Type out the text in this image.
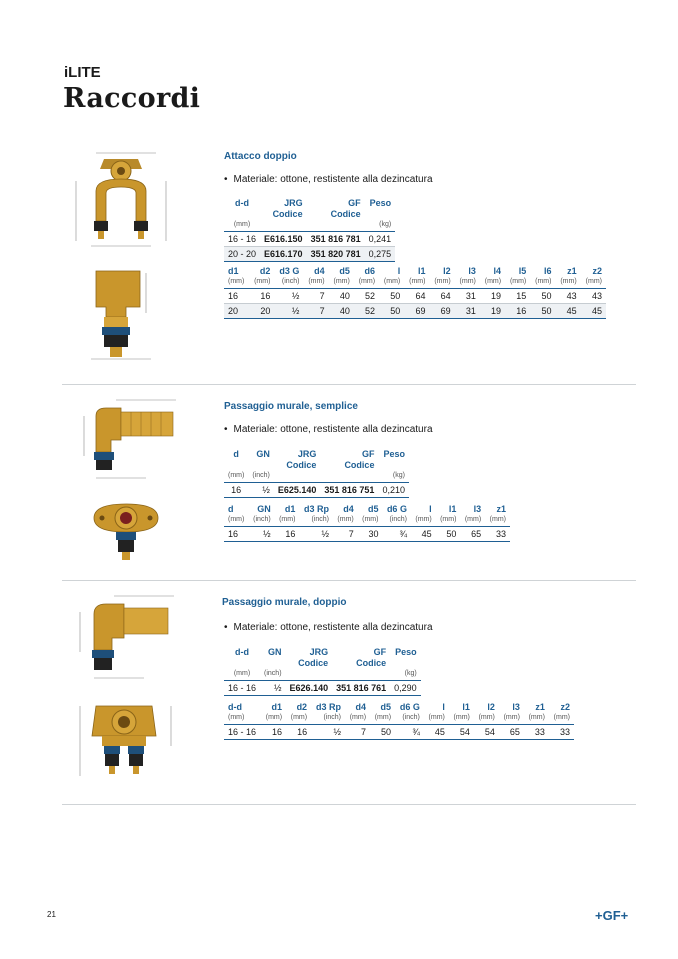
iLITE
Raccordi
Attacco doppio
• Materiale: ottone, restistente alla dezincatura
d-d	JRG	GF	Peso
	Codice	Codice	
(mm)			(kg)
16 - 16	E616.150	351 816 781	0,241
20 - 20	E616.170	351 820 781	0,275
d1	d2	d3 G	d4	d5	d6	l	l1	l2	l3	l4	l5	l6	z1	z2
(mm)	(mm)	(inch)	(mm)	(mm)	(mm)	(mm)	(mm)	(mm)	(mm)	(mm)	(mm)	(mm)	(mm)	(mm)
16	16	½	7	40	52	50	64	64	31	19	15	50	43	43
20	20	½	7	40	52	50	69	69	31	19	16	50	45	45
Passaggio murale, semplice
• Materiale: ottone, restistente alla dezincatura
d	GN	JRG	GF	Peso
		Codice	Codice	
(mm)	(inch)			(kg)
16	½	E625.140	351 816 751	0,210
d	GN	d1	d3 Rp	d4	d5	d6 G	l	l1	l3	z1
(mm)	(inch)	(mm)	(inch)	(mm)	(mm)	(inch)	(mm)	(mm)	(mm)	(mm)
16	½	16	½	7	30	¾	45	50	65	33
Passaggio murale, doppio
• Materiale: ottone, restistente alla dezincatura
d-d	GN	JRG	GF	Peso
		Codice	Codice	
(mm)	(inch)			(kg)
16 - 16	½	E626.140	351 816 761	0,290
d-d	d1	d2	d3 Rp	d4	d5	d6 G	l	l1	l2	l3	z1	z2
(mm)	(mm)	(mm)	(inch)	(mm)	(mm)	(inch)	(mm)	(mm)	(mm)	(mm)	(mm)	(mm)
16 - 16	16	16	½	7	50	¾	45	54	54	65	33	33
21	+GF+
